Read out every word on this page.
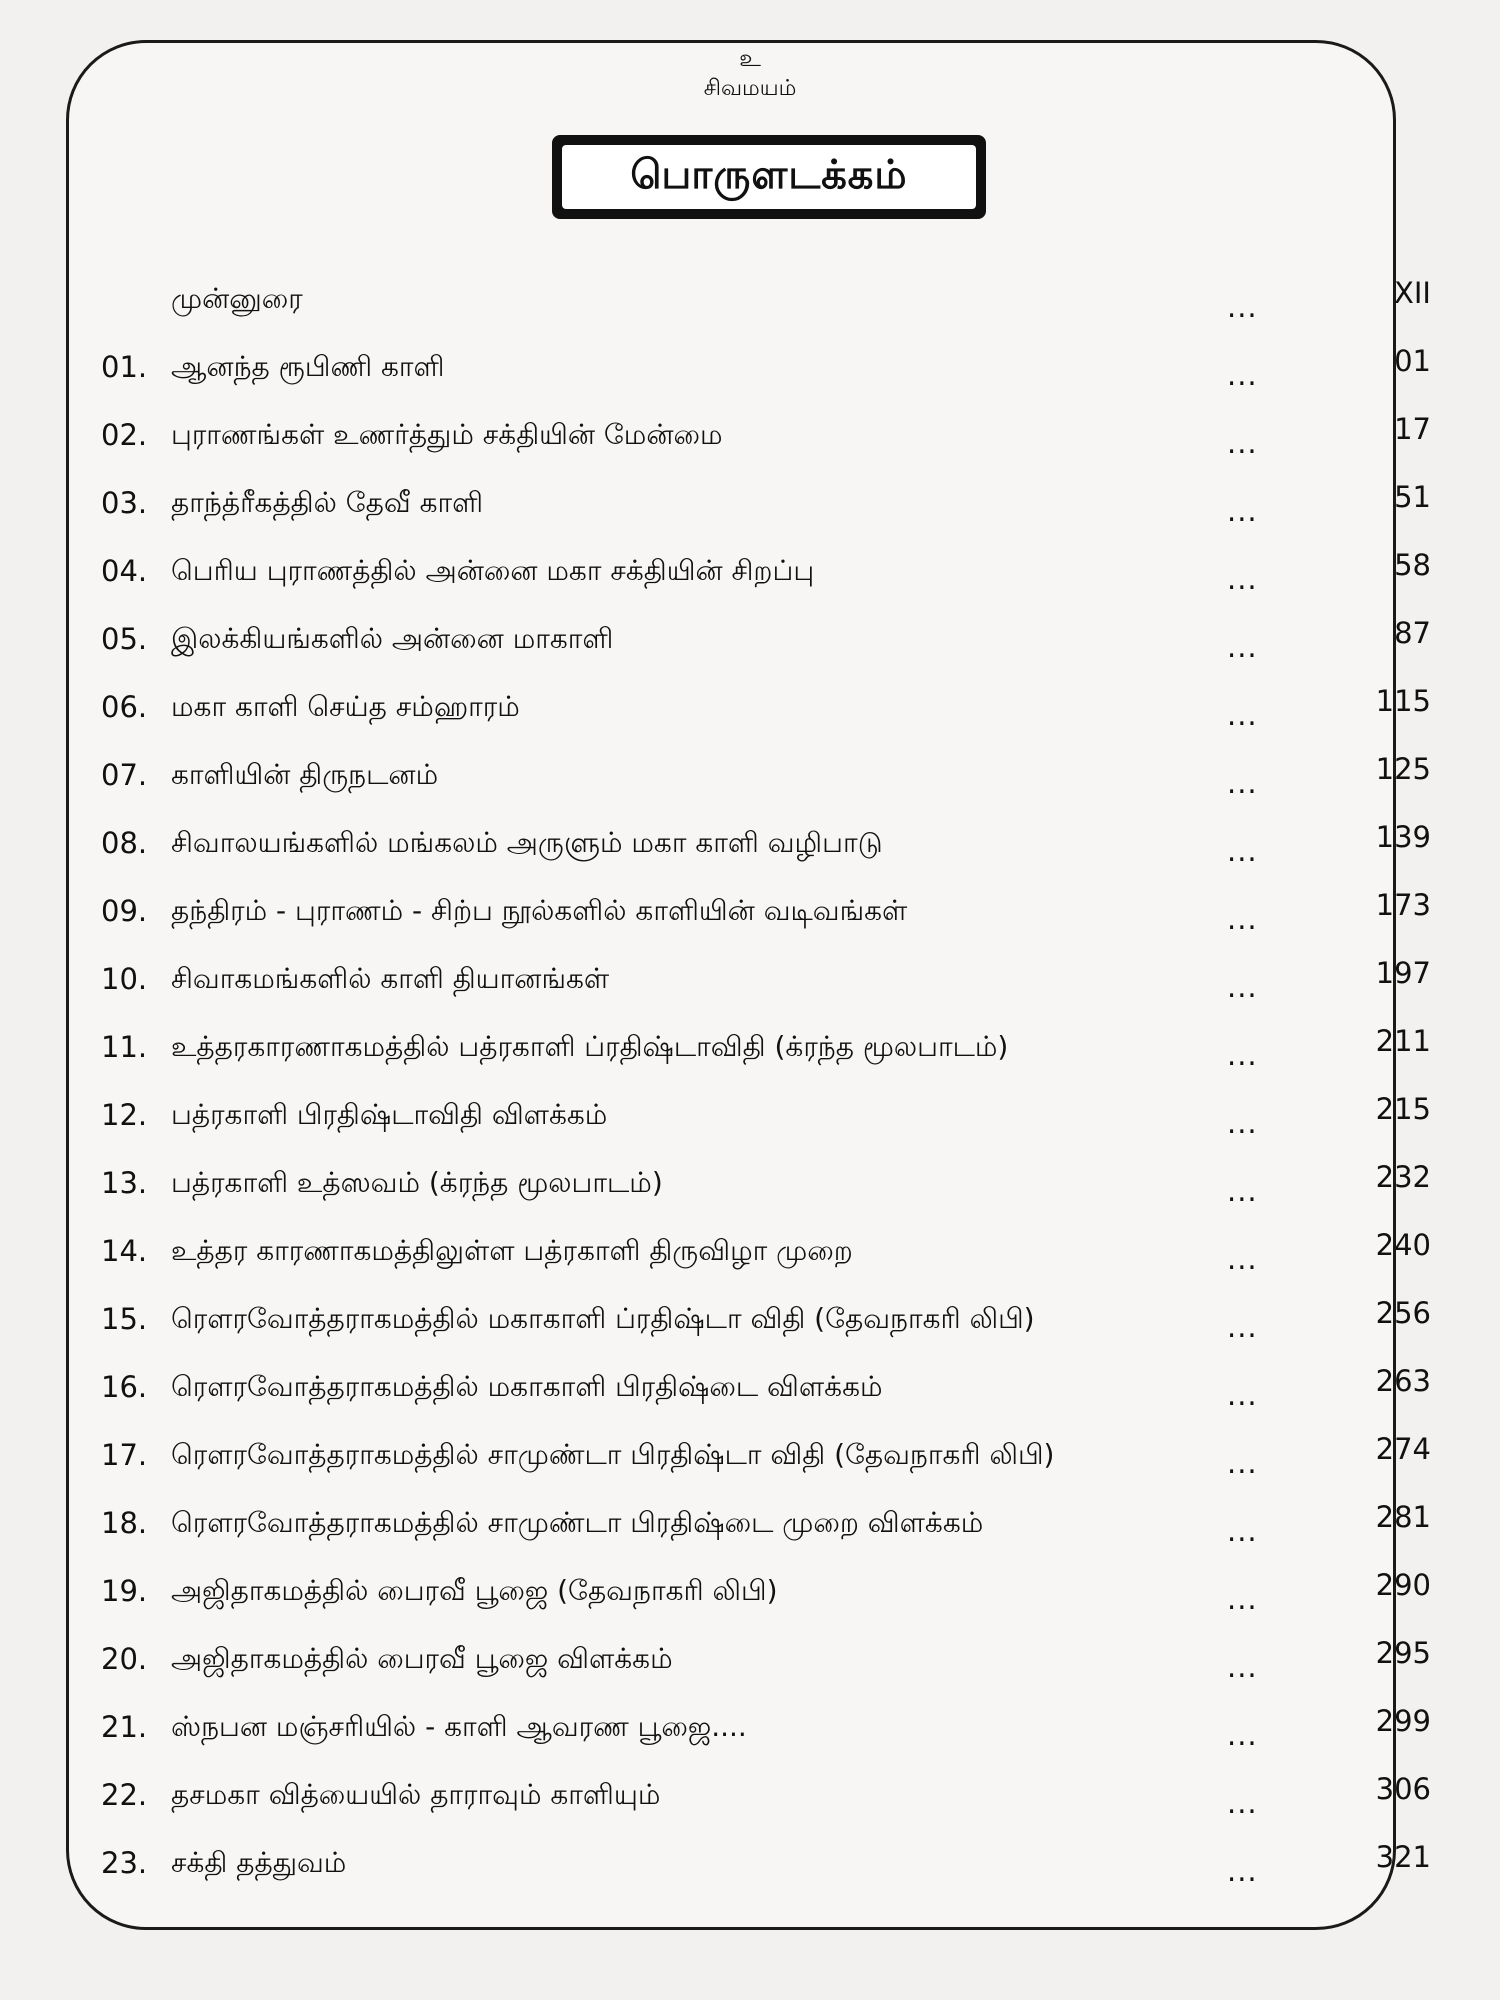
உ
சிவமயம்
பொருளடக்கம்
முன்னுரை	...	XII
01. ஆனந்த ரூபிணி காளி	...	01
02. புராணங்கள் உணர்த்தும் சக்தியின் மேன்மை	...	17
03. தாந்த்ரீகத்தில் தேவீ காளி	...	51
04. பெரிய புராணத்தில் அன்னை மகா சக்தியின் சிறப்பு	...	58
05. இலக்கியங்களில் அன்னை மாகாளி	...	87
06. மகா காளி செய்த சம்ஹாரம்	...	115
07. காளியின் திருநடனம்	...	125
08. சிவாலயங்களில் மங்கலம் அருளும் மகா காளி வழிபாடு	...	139
09. தந்திரம் - புராணம் - சிற்ப நூல்களில் காளியின் வடிவங்கள்	...	173
10. சிவாகமங்களில் காளி தியானங்கள்	...	197
11. உத்தரகாரணாகமத்தில் பத்ரகாளி ப்ரதிஷ்டாவிதி (க்ரந்த மூலபாடம்)	...	211
12. பத்ரகாளி பிரதிஷ்டாவிதி விளக்கம்	...	215
13. பத்ரகாளி உத்ஸவம் (க்ரந்த மூலபாடம்)	...	232
14. உத்தர காரணாகமத்திலுள்ள பத்ரகாளி திருவிழா முறை	...	240
15. ரௌரவோத்தராகமத்தில் மகாகாளி ப்ரதிஷ்டா விதி (தேவநாகரி லிபி)	...	256
16. ரௌரவோத்தராகமத்தில் மகாகாளி பிரதிஷ்டை விளக்கம்	...	263
17. ரௌரவோத்தராகமத்தில் சாமுண்டா பிரதிஷ்டா விதி (தேவநாகரி லிபி)	...	274
18. ரௌரவோத்தராகமத்தில் சாமுண்டா பிரதிஷ்டை முறை விளக்கம்	...	281
19. அஜிதாகமத்தில் பைரவீ பூஜை (தேவநாகரி லிபி)	...	290
20. அஜிதாகமத்தில் பைரவீ பூஜை விளக்கம்	...	295
21. ஸ்நபன மஞ்சரியில் - காளி ஆவரண பூஜை....	...	299
22. தசமகா வித்யையில் தாராவும் காளியும்	...	306
23. சக்தி தத்துவம்	...	321
